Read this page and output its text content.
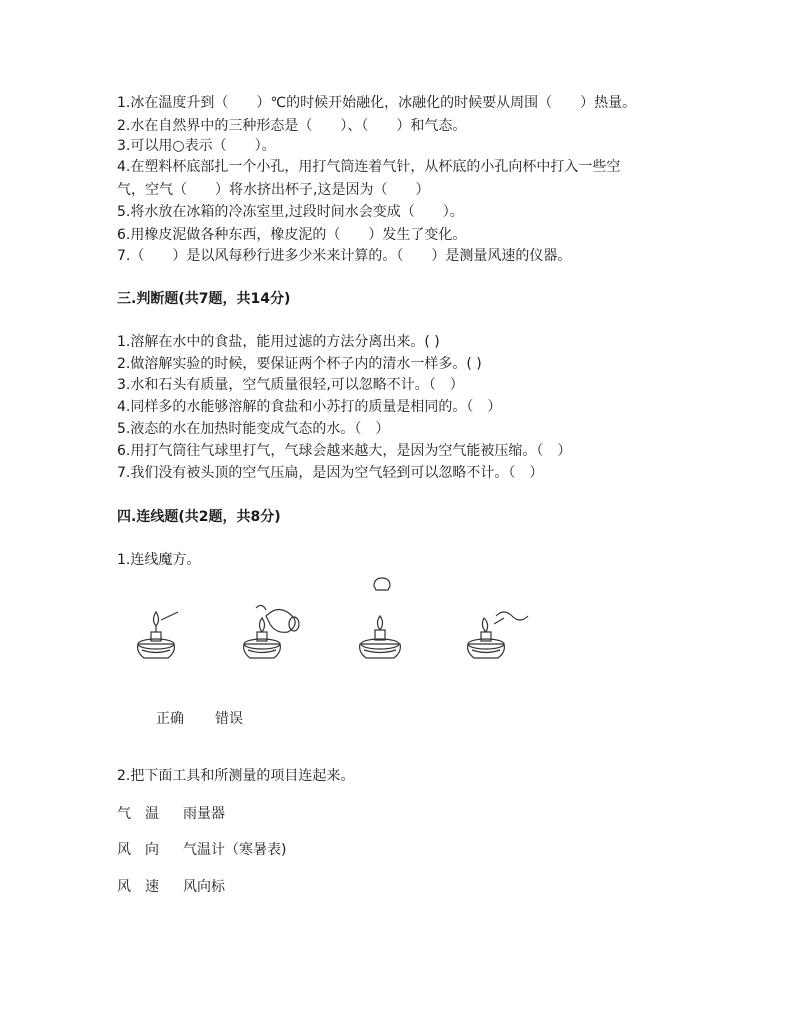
1.冰在温度升到（　　）℃的时候开始融化，冰融化的时候要从周围（　　）热量。
2.水在自然界中的三种形态是（　　）、（　　）和气态。
3.可以用○表示（　　）。
4.在塑料杯底部扎一个小孔，用打气筒连着气针，从杯底的小孔向杯中打入一些空
气，空气（　　）将水挤出杯子,这是因为（　　）
5.将水放在冰箱的冷冻室里,过段时间水会变成（　　）。
6.用橡皮泥做各种东西，橡皮泥的（　　）发生了变化。
7.（　　）是以风每秒行进多少米来计算的。（　　）是测量风速的仪器。
三.判断题(共7题，共14分)
1.溶解在水中的食盐，能用过滤的方法分离出来。( )
2.做溶解实验的时候，要保证两个杯子内的清水一样多。( )
3.水和石头有质量，空气质量很轻,可以忽略不计。（　）
4.同样多的水能够溶解的食盐和小苏打的质量是相同的。（　）
5.液态的水在加热时能变成气态的水。（　）
6.用打气筒往气球里打气，气球会越来越大，是因为空气能被压缩。（　）
7.我们没有被头顶的空气压扁，是因为空气轻到可以忽略不计。（　）
四.连线题(共2题，共8分)
1.连线魔方。
正确 错误
2.把下面工具和所测量的项目连起来。
气　温 雨量器
风　向 气温计（寒暑表)
风　速 风向标
